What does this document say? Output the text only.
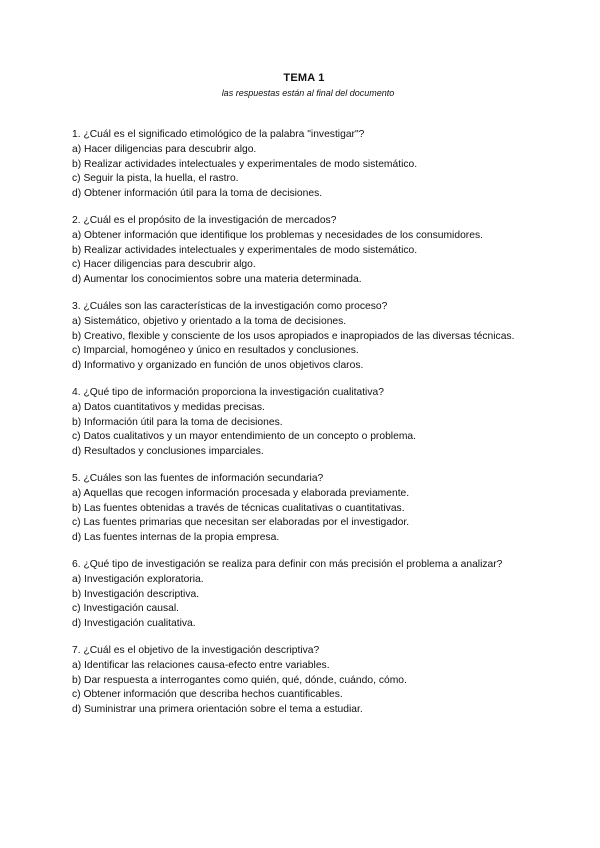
TEMA 1
las respuestas están al final del documento

1. ¿Cuál es el significado etimológico de la palabra "investigar"?

a) Hacer diligencias para descubrir algo.
b) Realizar actividades intelectuales y experimentales de modo sistemático.
c) Seguir la pista, la huella, el rastro.
d) Obtener información útil para la toma de decisiones.

2. ¿Cuál es el propósito de la investigación de mercados?

a) Obtener información que identifique los problemas y necesidades de los consumidores.
b) Realizar actividades intelectuales y experimentales de modo sistemático.
c) Hacer diligencias para descubrir algo.
d) Aumentar los conocimientos sobre una materia determinada.

3. ¿Cuáles son las características de la investigación como proceso?

a) Sistemático, objetivo y orientado a la toma de decisiones.
b) Creativo, flexible y consciente de los usos apropiados e inapropiados de las diversas técnicas.
c) Imparcial, homogéneo y único en resultados y conclusiones.
d) Informativo y organizado en función de unos objetivos claros.

4. ¿Qué tipo de información proporciona la investigación cualitativa?

a) Datos cuantitativos y medidas precisas.
b) Información útil para la toma de decisiones.
c) Datos cualitativos y un mayor entendimiento de un concepto o problema.
d) Resultados y conclusiones imparciales.

5. ¿Cuáles son las fuentes de información secundaria?

a) Aquellas que recogen información procesada y elaborada previamente.
b) Las fuentes obtenidas a través de técnicas cualitativas o cuantitativas.
c) Las fuentes primarias que necesitan ser elaboradas por el investigador.
d) Las fuentes internas de la propia empresa.

6. ¿Qué tipo de investigación se realiza para definir con más precisión el problema a analizar?

a) Investigación exploratoria.
b) Investigación descriptiva.
c) Investigación causal.
d) Investigación cualitativa.

7. ¿Cuál es el objetivo de la investigación descriptiva?

a) Identificar las relaciones causa-efecto entre variables.
b) Dar respuesta a interrogantes como quién, qué, dónde, cuándo, cómo.
c) Obtener información que describa hechos cuantificables.
d) Suministrar una primera orientación sobre el tema a estudiar.
